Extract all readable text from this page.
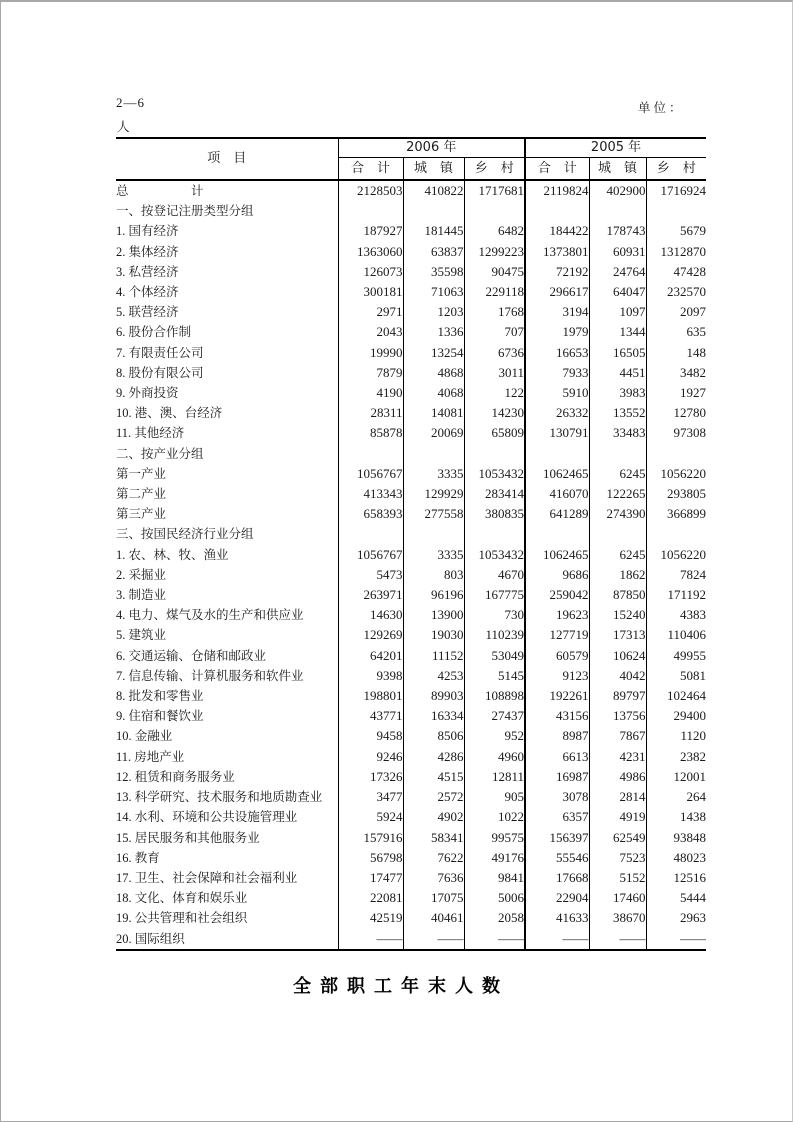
2—6	单位：
人
项　目	2006 年			2005 年		
	合　计	城　镇	乡　村	合　计	城　镇	乡　村
总　　　　　计	2128503	410822	1717681	2119824	402900	1716924
一、按登记注册类型分组						
1. 国有经济	187927	181445	6482	184422	178743	5679
2. 集体经济	1363060	63837	1299223	1373801	60931	1312870
3. 私营经济	126073	35598	90475	72192	24764	47428
4. 个体经济	300181	71063	229118	296617	64047	232570
5. 联营经济	2971	1203	1768	3194	1097	2097
6. 股份合作制	2043	1336	707	1979	1344	635
7. 有限责任公司	19990	13254	6736	16653	16505	148
8. 股份有限公司	7879	4868	3011	7933	4451	3482
9. 外商投资	4190	4068	122	5910	3983	1927
10. 港、澳、台经济	28311	14081	14230	26332	13552	12780
11. 其他经济	85878	20069	65809	130791	33483	97308
二、按产业分组						
第一产业	1056767	3335	1053432	1062465	6245	1056220
第二产业	413343	129929	283414	416070	122265	293805
第三产业	658393	277558	380835	641289	274390	366899
三、按国民经济行业分组						
1. 农、林、牧、渔业	1056767	3335	1053432	1062465	6245	1056220
2. 采掘业	5473	803	4670	9686	1862	7824
3. 制造业	263971	96196	167775	259042	87850	171192
4. 电力、煤气及水的生产和供应业	14630	13900	730	19623	15240	4383
5. 建筑业	129269	19030	110239	127719	17313	110406
6. 交通运输、仓储和邮政业	64201	11152	53049	60579	10624	49955
7. 信息传输、计算机服务和软件业	9398	4253	5145	9123	4042	5081
8. 批发和零售业	198801	89903	108898	192261	89797	102464
9. 住宿和餐饮业	43771	16334	27437	43156	13756	29400
10. 金融业	9458	8506	952	8987	7867	1120
11. 房地产业	9246	4286	4960	6613	4231	2382
12. 租赁和商务服务业	17326	4515	12811	16987	4986	12001
13. 科学研究、技术服务和地质勘查业	3477	2572	905	3078	2814	264
14. 水利、环境和公共设施管理业	5924	4902	1022	6357	4919	1438
15. 居民服务和其他服务业	157916	58341	99575	156397	62549	93848
16. 教育	56798	7622	49176	55546	7523	48023
17. 卫生、社会保障和社会福利业	17477	7636	9841	17668	5152	12516
18. 文化、体育和娱乐业	22081	17075	5006	22904	17460	5444
19. 公共管理和社会组织	42519	40461	2058	41633	38670	2963
20. 国际组织	——	——	——	——	——	——
全部职工年末人数
